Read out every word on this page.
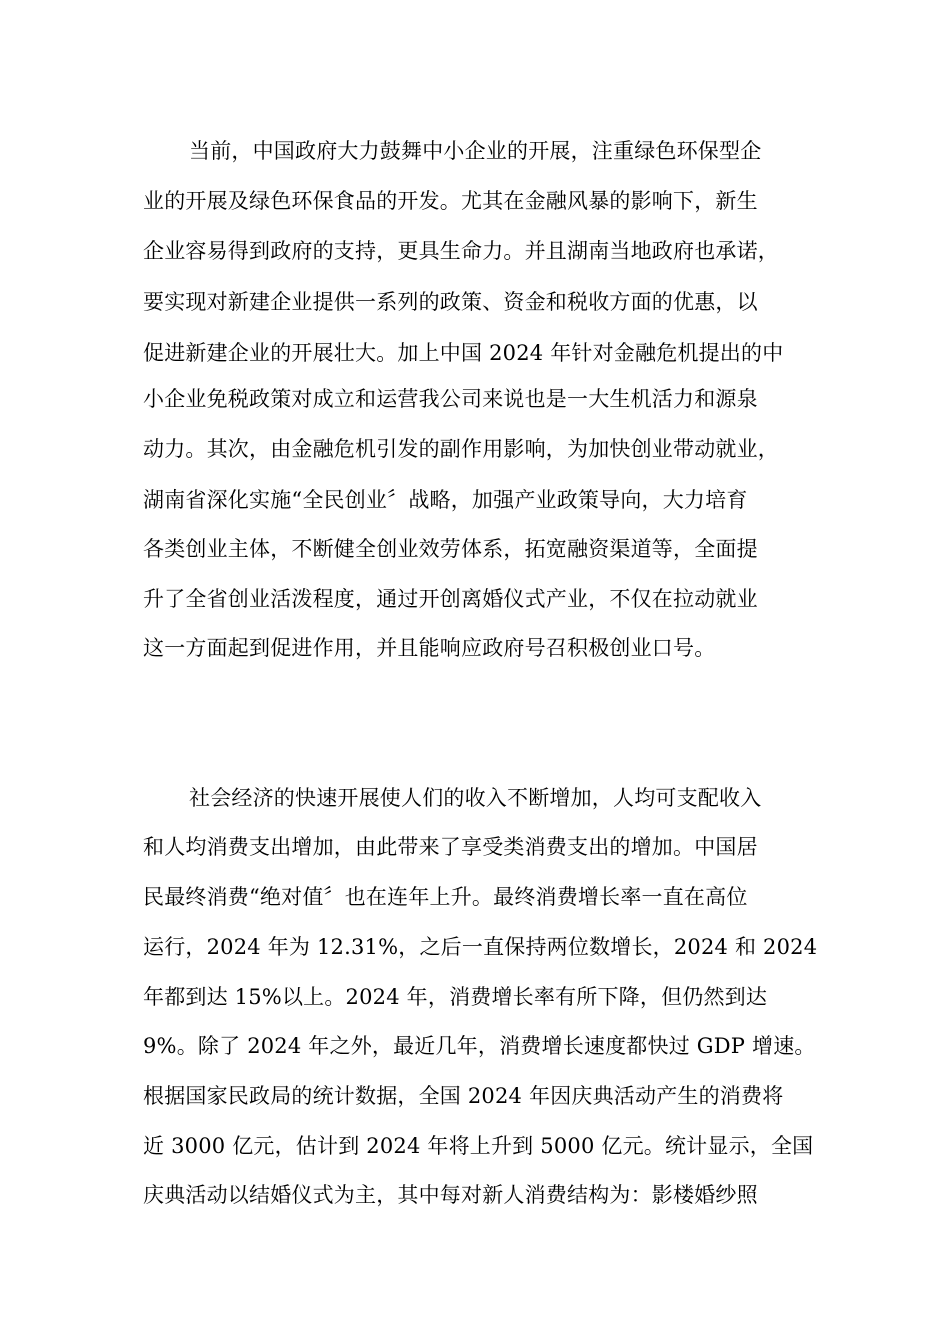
当前，中国政府大力鼓舞中小企业的开展，注重绿色环保型企
业的开展及绿色环保食品的开发。尤其在金融风暴的影响下，新生
企业容易得到政府的支持，更具生命力。并且湖南当地政府也承诺，
要实现对新建企业提供一系列的政策、资金和税收方面的优惠，以
促进新建企业的开展壮大。加上中国 2024 年针对金融危机提出的中
小企业免税政策对成立和运营我公司来说也是一大生机活力和源泉
动力。其次，由金融危机引发的副作用影响，为加快创业带动就业，
湖南省深化实施“全民创业〞战略，加强产业政策导向，大力培育
各类创业主体，不断健全创业效劳体系，拓宽融资渠道等，全面提
升了全省创业活泼程度，通过开创离婚仪式产业，不仅在拉动就业
这一方面起到促进作用，并且能响应政府号召积极创业口号。
社会经济的快速开展使人们的收入不断增加，人均可支配收入
和人均消费支出增加，由此带来了享受类消费支出的增加。中国居
民最终消费“绝对值〞也在连年上升。最终消费增长率一直在高位
运行，2024 年为 12.31%，之后一直保持两位数增长，2024 和 2024
年都到达 15%以上。2024 年，消费增长率有所下降，但仍然到达
9%。除了 2024 年之外，最近几年，消费增长速度都快过 GDP 增速。
根据国家民政局的统计数据，全国 2024 年因庆典活动产生的消费将
近 3000 亿元，估计到 2024 年将上升到 5000 亿元。统计显示，全国
庆典活动以结婚仪式为主，其中每对新人消费结构为：影楼婚纱照
